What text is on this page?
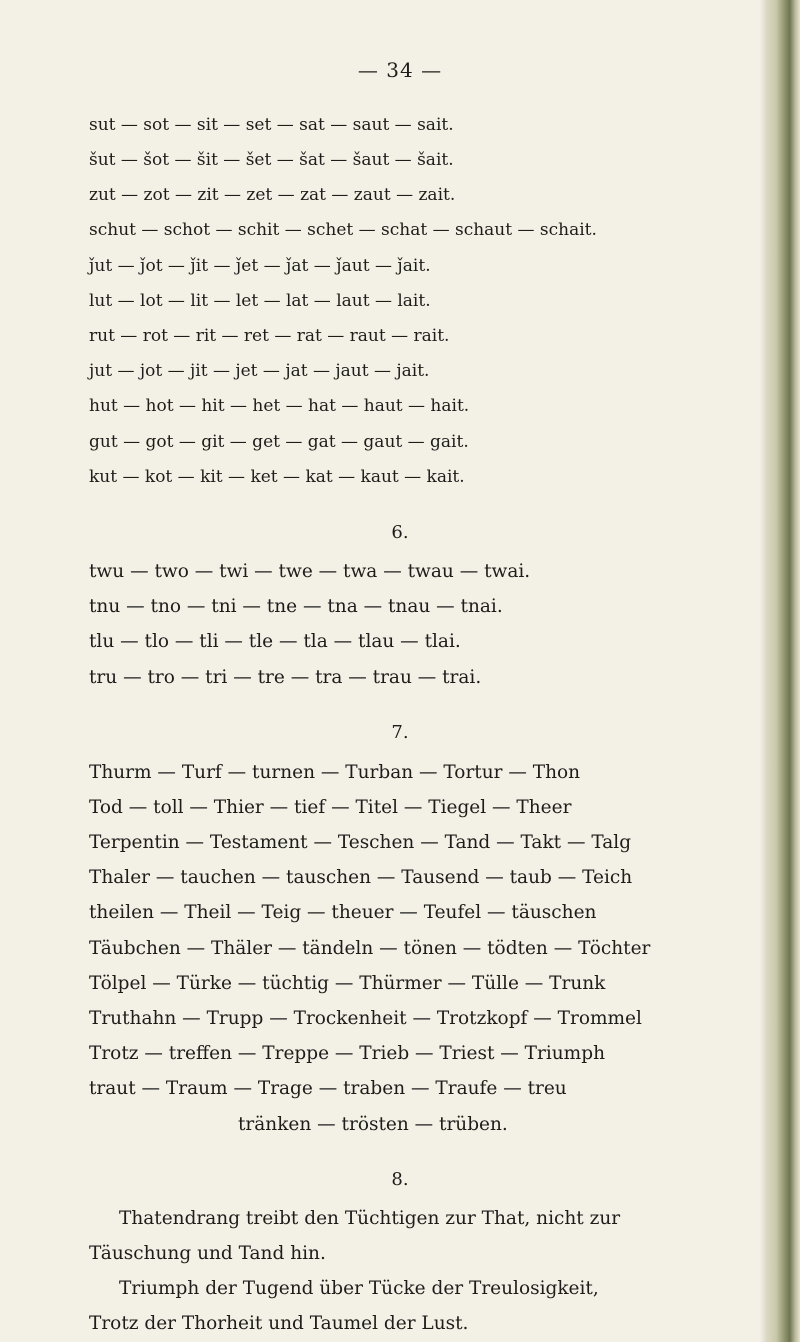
— 34 —
sut — sot — sit — set — sat — saut — sait.
šut — šot — šit — šet — šat — šaut — šait.
zut — zot — zit — zet — zat — zaut — zait.
schut — schot — schit — schet — schat — schaut — schait.
ǰut — ǰot — ǰit — ǰet — ǰat — ǰaut — ǰait.
lut — lot — lit — let — lat — laut — lait.
rut — rot — rit — ret — rat — raut — rait.
jut — jot — jit — jet — jat — jaut — jait.
hut — hot — hit — het — hat — haut — hait.
gut — got — git — get — gat — gaut — gait.
kut — kot — kit — ket — kat — kaut — kait.
6.
twu — two — twi — twe — twa — twau — twai.
tnu — tno — tni — tne — tna — tnau — tnai.
tlu — tlo — tli — tle — tla — tlau — tlai.
tru — tro — tri — tre — tra — trau — trai.
7.
Thurm — Turf — turnen — Turban — Tortur — Thon
Tod — toll — Thier — tief — Titel — Tiegel — Theer
Terpentin — Testament — Teschen — Tand — Takt — Talg
Thaler — tauchen — tauschen — Tausend — taub — Teich
theilen — Theil — Teig — theuer — Teufel — täuschen
Täubchen — Thäler — tändeln — tönen — tödten — Töchter
Tölpel — Türke — tüchtig — Thürmer — Tülle — Trunk
Truthahn — Trupp — Trockenheit — Trotzkopf — Trommel
Trotz — treffen — Treppe — Trieb — Triest — Triumph
traut — Traum — Trage — traben — Traufe — treu
tränken — trösten — trüben.
8.
Thatendrang treibt den Tüchtigen zur That, nicht zur
Täuschung und Tand hin.
Triumph der Tugend über Tücke der Treulosigkeit,
Trotz der Thorheit und Taumel der Lust.
